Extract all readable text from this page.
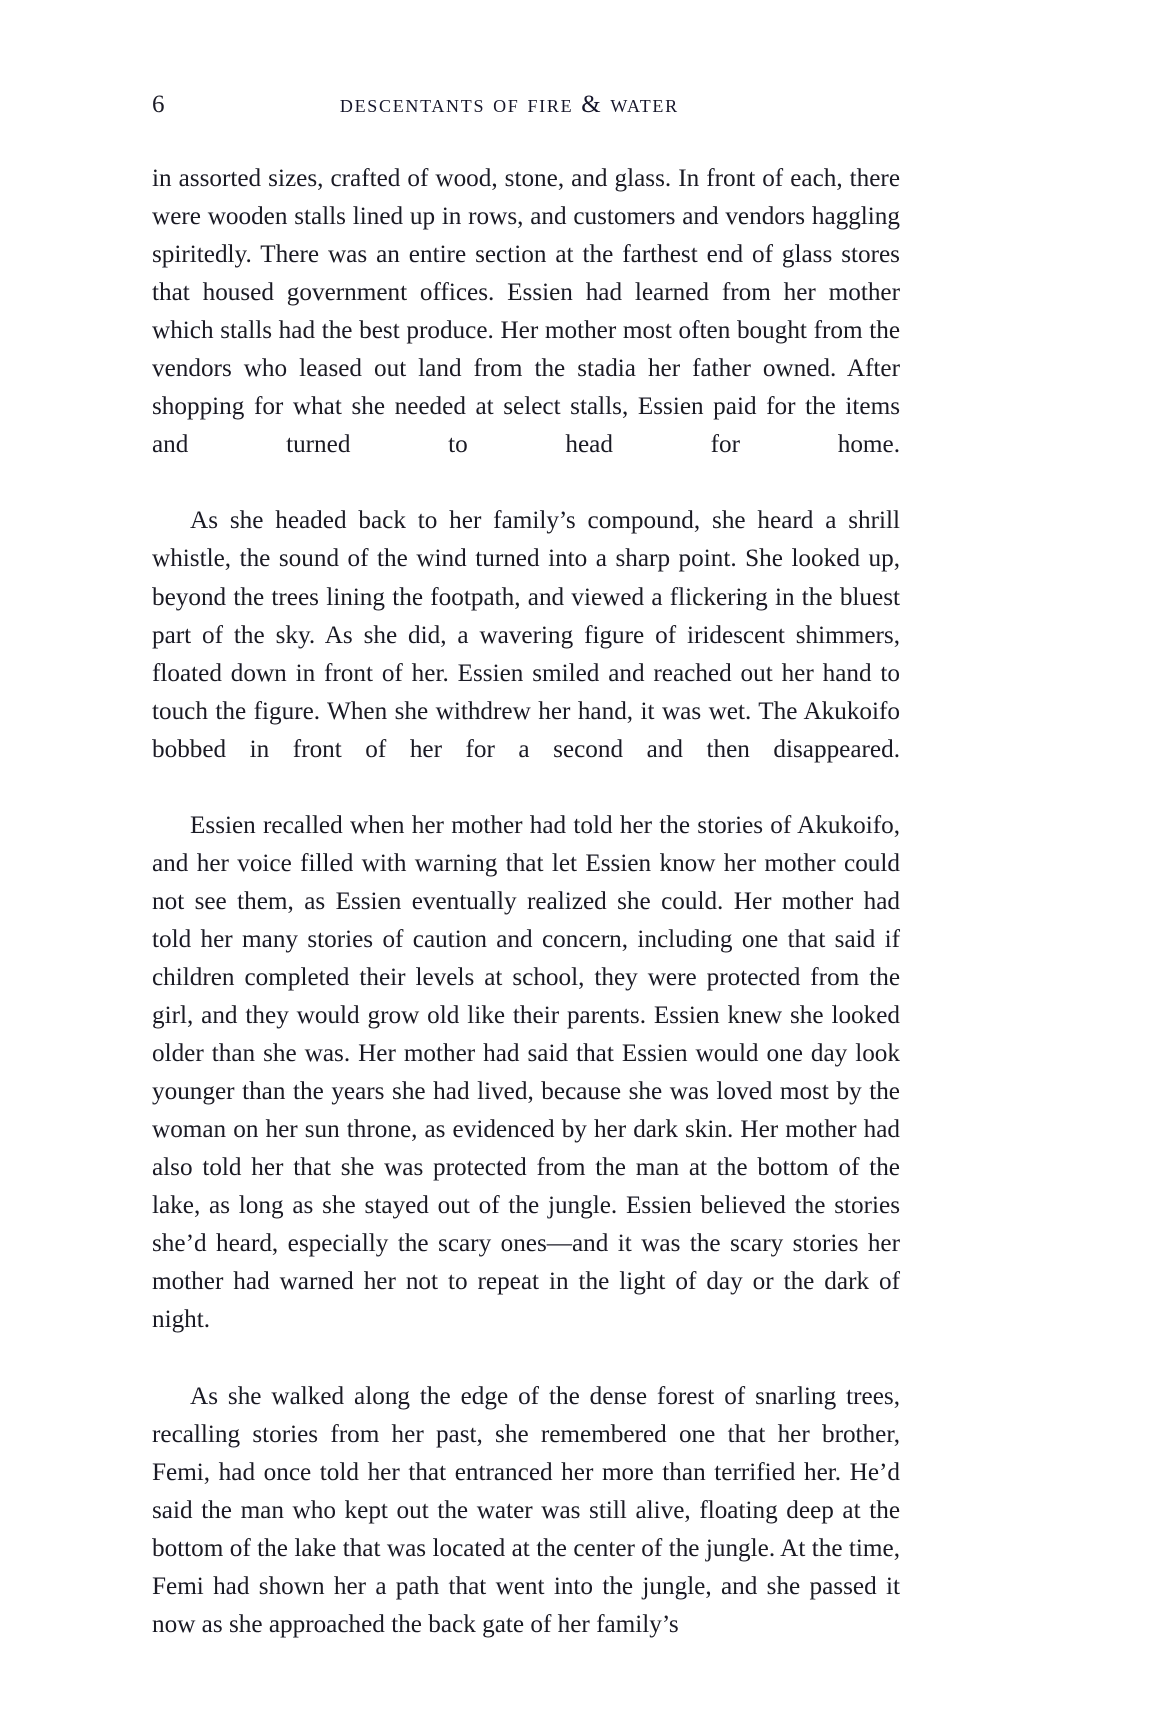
6	descentants of fire & water

in assorted sizes, crafted of wood, stone, and glass. In front of each, there were wooden stalls lined up in rows, and customers and vendors haggling spiritedly. There was an entire section at the farthest end of glass stores that housed government offices. Essien had learned from her mother which stalls had the best produce. Her mother most often bought from the vendors who leased out land from the stadia her father owned. After shopping for what she needed at select stalls, Essien paid for the items and turned to head for home.

As she headed back to her family’s compound, she heard a shrill whistle, the sound of the wind turned into a sharp point. She looked up, beyond the trees lining the footpath, and viewed a flickering in the bluest part of the sky. As she did, a wavering figure of iridescent shimmers, floated down in front of her. Essien smiled and reached out her hand to touch the figure. When she withdrew her hand, it was wet. The Akukoifo bobbed in front of her for a second and then disappeared.

Essien recalled when her mother had told her the stories of Akukoifo, and her voice filled with warning that let Essien know her mother could not see them, as Essien eventually realized she could. Her mother had told her many stories of caution and concern, including one that said if children completed their levels at school, they were protected from the girl, and they would grow old like their parents. Essien knew she looked older than she was. Her mother had said that Essien would one day look younger than the years she had lived, because she was loved most by the woman on her sun throne, as evidenced by her dark skin. Her mother had also told her that she was protected from the man at the bottom of the lake, as long as she stayed out of the jungle. Essien believed the stories she’d heard, especially the scary ones—and it was the scary stories her mother had warned her not to repeat in the light of day or the dark of night.

As she walked along the edge of the dense forest of snarling trees, recalling stories from her past, she remembered one that her brother, Femi, had once told her that entranced her more than terrified her. He’d said the man who kept out the water was still alive, floating deep at the bottom of the lake that was located at the center of the jungle. At the time, Femi had shown her a path that went into the jungle, and she passed it now as she approached the back gate of her family’s
